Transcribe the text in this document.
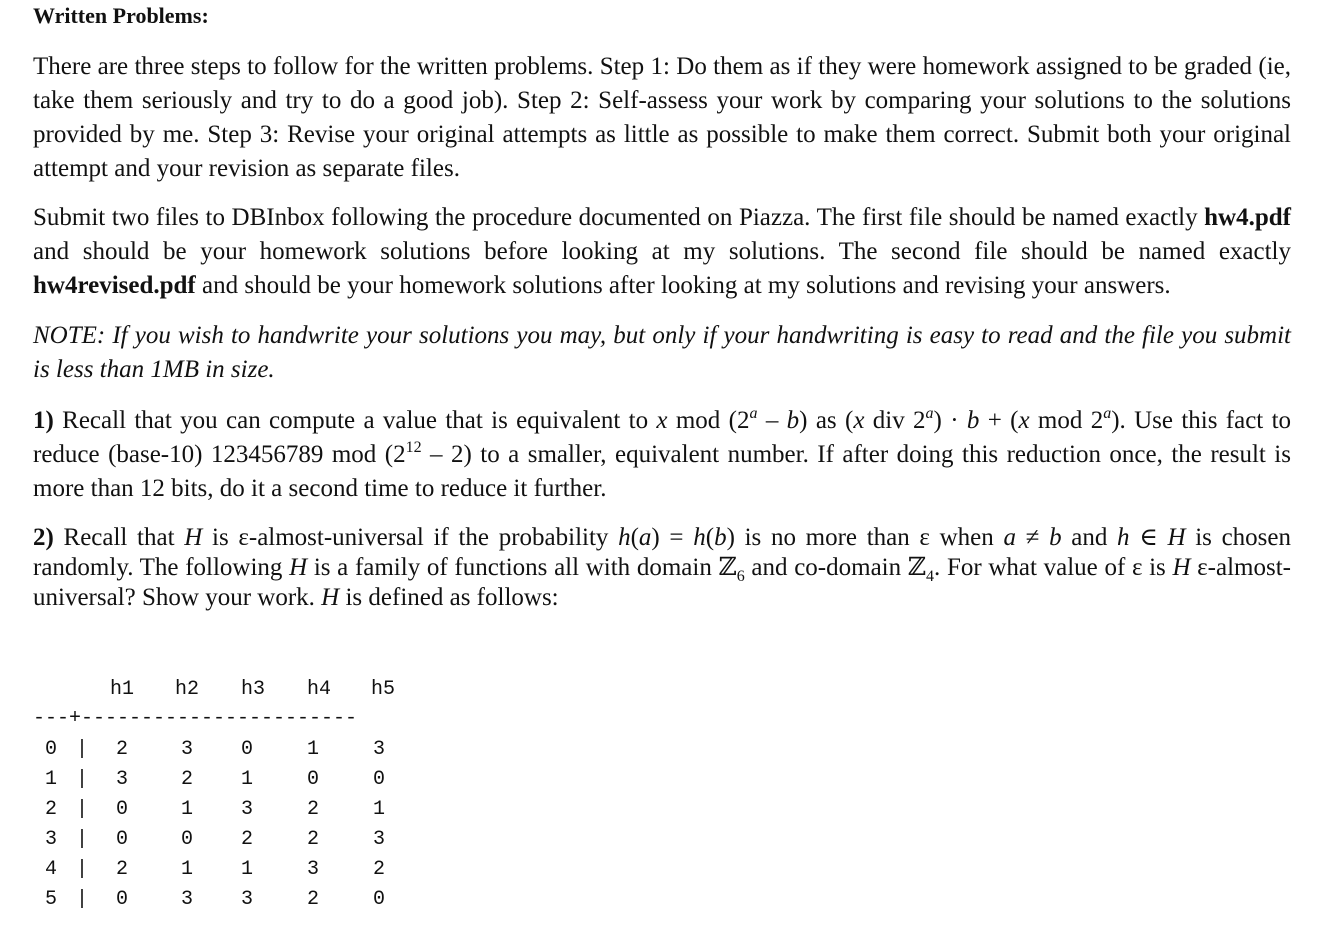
Written Problems:

There are three steps to follow for the written problems. Step 1: Do them as if they were homework assigned to be graded (ie, take them seriously and try to do a good job). Step 2: Self-assess your work by comparing your solutions to the solutions provided by me. Step 3: Revise your original attempts as little as possible to make them correct. Submit both your original attempt and your revision as separate files.

Submit two files to DBInbox following the procedure documented on Piazza. The first file should be named exactly hw4.pdf and should be your homework solutions before looking at my solutions. The second file should be named exactly hw4revised.pdf and should be your homework solutions after looking at my solutions and revising your answers.

NOTE: If you wish to handwrite your solutions you may, but only if your handwriting is easy to read and the file you submit is less than 1MB in size.

1) Recall that you can compute a value that is equivalent to x mod (2$^a$ – b) as (x div $2^a) \cdot b + (x$ mod 2$^a$). Use this fact to reduce (base-10) 123456789 mod $(2^{12} - 2)$ to a smaller, equivalent number. If after doing this reduction once, the result is more than 12 bits, do it a second time to reduce it further.

2) Recall that H is ε-almost-universal if the probability h(a) = h(b) is no more than ε when a ≠ b and h ∈ H is chosen randomly. The following H is a family of functions all with domain ℤ$_6$ and co-domain ℤ$_4$. For what value of ε is H ε-almost-universal? Show your work. H is defined as follows:

h1 h2 h3 h4 h5
---+-----------------------
0 | 2	3 0	1	3
1 | 3	2 1	0	0
2 | 0	1 3	2	1
3 | 0	0 2	2	3
4 | 2	1 1	3	2
5 | 0	3 3	2	0
